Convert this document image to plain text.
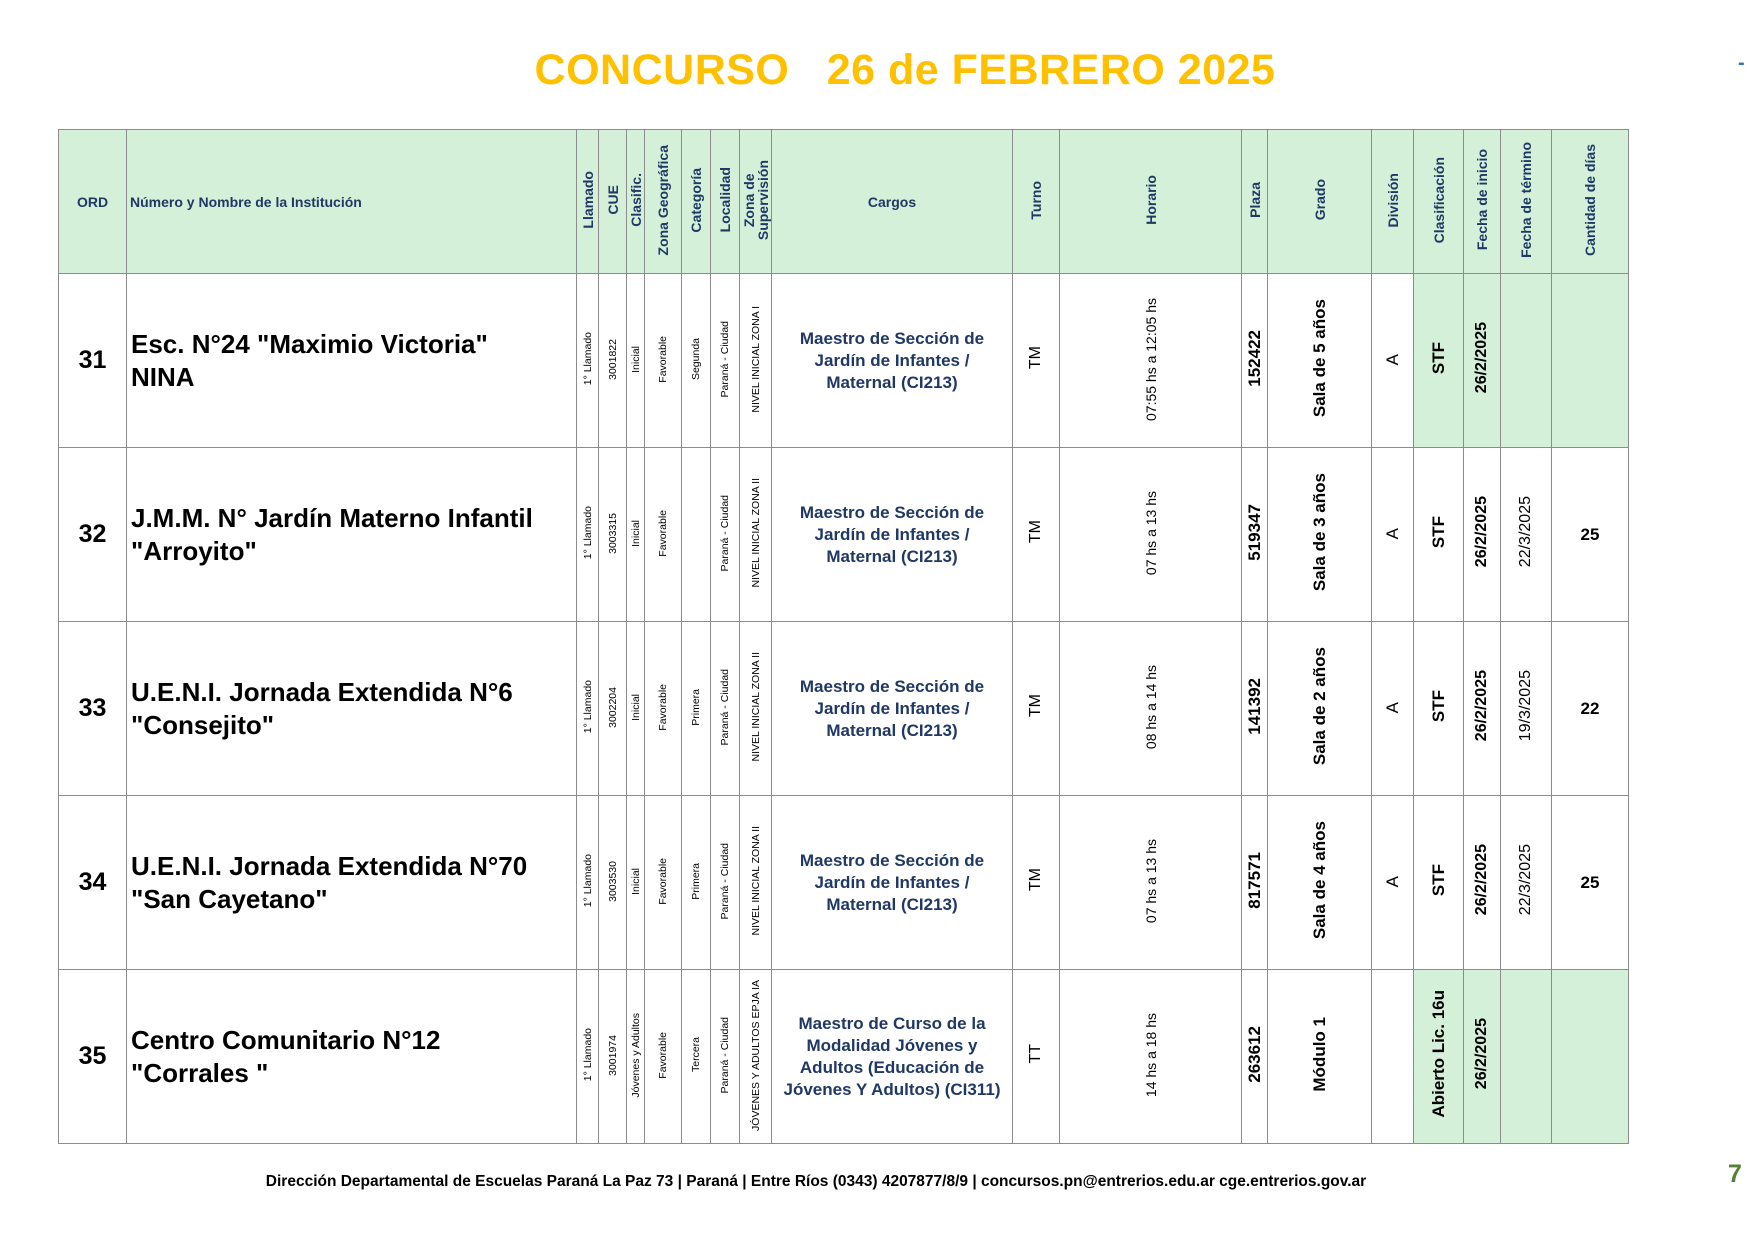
CONCURSO   26 de FEBRERO 2025	-
ORD	Número y Nombre de la Institución	Llamado	CUE	Clasific.	Zona Geográfica	Categoría	Localidad	Zona de
Supervisión	Cargos	Turno	Horario	Plaza	Grado	División	Clasificación	Fecha de inicio	Fecha de término	Cantidad de días
31	Esc. N°24 "Maximio Victoria"
NINA	1° Llamado	3001822	Inicial	Favorable	Segunda	Paraná - Ciudad	NIVEL INICIAL ZONA I	Maestro de Sección de
Jardín de Infantes /
Maternal (CI213)	TM	07:55 hs a 12:05 hs	152422	Sala de 5 años	A	STF	26/2/2025		
32	J.M.M. N° Jardín Materno Infantil
"Arroyito"	1° Llamado	3003315	Inicial	Favorable		Paraná - Ciudad	NIVEL INICIAL ZONA II	Maestro de Sección de
Jardín de Infantes /
Maternal (CI213)	TM	07 hs a 13 hs	519347	Sala de 3 años	A	STF	26/2/2025	22/3/2025	25
33	U.E.N.I. Jornada Extendida N°6
"Consejito"	1° Llamado	3002204	Inicial	Favorable	Primera	Paraná - Ciudad	NIVEL INICIAL ZONA II	Maestro de Sección de
Jardín de Infantes /
Maternal (CI213)	TM	08 hs a 14 hs	141392	Sala de 2 años	A	STF	26/2/2025	19/3/2025	22
34	U.E.N.I. Jornada Extendida N°70
"San Cayetano"	1° Llamado	3003530	Inicial	Favorable	Primera	Paraná - Ciudad	NIVEL INICIAL ZONA II	Maestro de Sección de
Jardín de Infantes /
Maternal (CI213)	TM	07 hs a 13 hs	817571	Sala de 4 años	A	STF	26/2/2025	22/3/2025	25
35	Centro Comunitario N°12
"Corrales "	1° Llamado	3001974	Jóvenes y Adultos	Favorable	Tercera	Paraná - Ciudad	JÓVENES Y ADULTOS EPJA IA	Maestro de Curso de la
Modalidad Jóvenes y
Adultos (Educación de
Jóvenes Y Adultos) (CI311)	TT	14 hs a 18 hs	263612	Módulo 1		Abierto Lic. 16u	26/2/2025		
Dirección Departamental de Escuelas Paraná La Paz 73 | Paraná | Entre Ríos (0343) 4207877/8/9 | concursos.pn@entrerios.edu.ar cge.entrerios.gov.ar	7
